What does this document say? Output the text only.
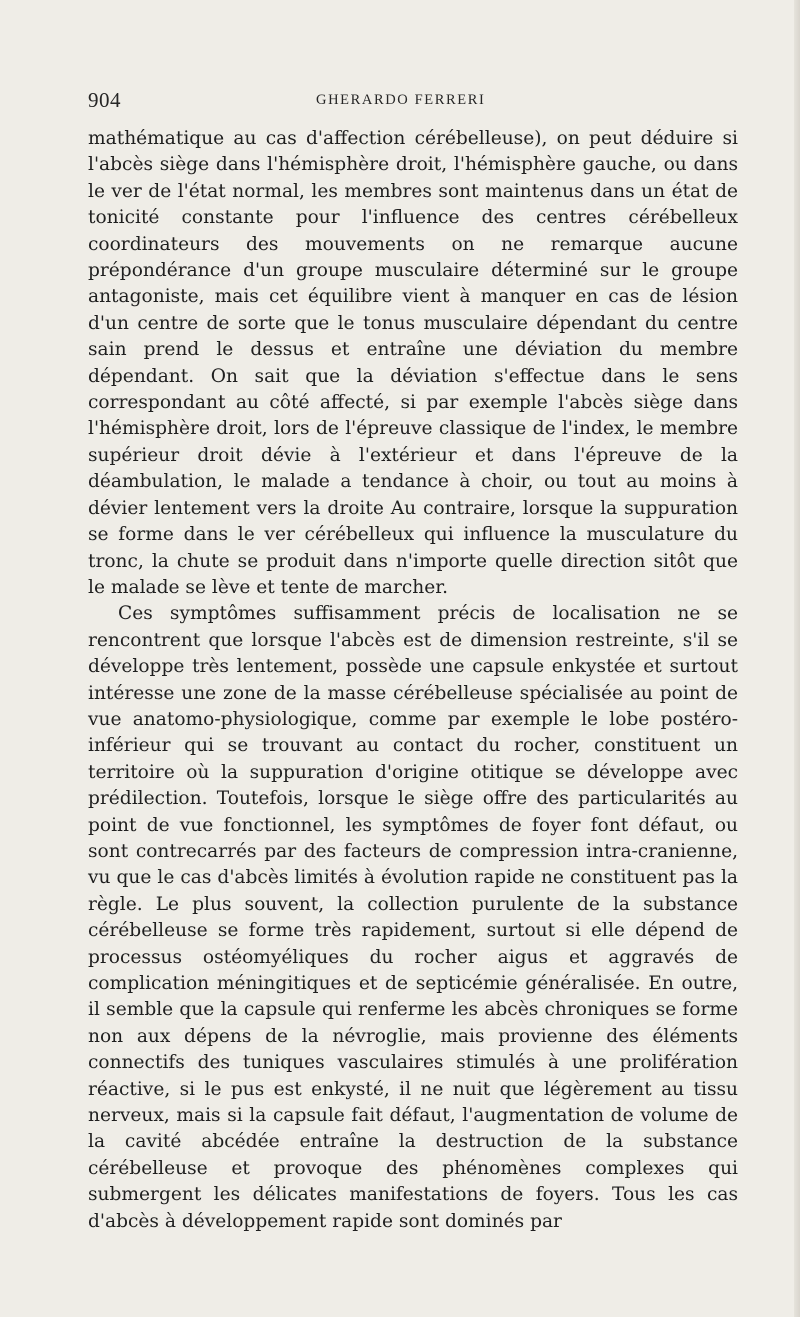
904	GHERARDO FERRERI

mathématique au cas d'affection cérébelleuse), on peut déduire si l'abcès siège dans l'hémisphère droit, l'hémisphère gauche, ou dans le ver de l'état normal, les membres sont maintenus dans un état de tonicité constante pour l'influence des centres cérébelleux coordinateurs des mouvements on ne remarque aucune prépondérance d'un groupe musculaire déterminé sur le groupe antagoniste, mais cet équilibre vient à manquer en cas de lésion d'un centre de sorte que le tonus musculaire dépendant du centre sain prend le dessus et entraîne une déviation du membre dépendant. On sait que la déviation s'effectue dans le sens correspondant au côté affecté, si par exemple l'abcès siège dans l'hémisphère droit, lors de l'épreuve classique de l'index, le membre supérieur droit dévie à l'extérieur et dans l'épreuve de la déambulation, le malade a tendance à choir, ou tout au moins à dévier lentement vers la droite Au contraire, lorsque la suppuration se forme dans le ver cérébelleux qui influence la musculature du tronc, la chute se produit dans n'importe quelle direction sitôt que le malade se lève et tente de marcher.

Ces symptômes suffisamment précis de localisation ne se rencontrent que lorsque l'abcès est de dimension restreinte, s'il se développe très lentement, possède une capsule enkystée et surtout intéresse une zone de la masse cérébelleuse spécialisée au point de vue anatomo-physiologique, comme par exemple le lobe postéro-inférieur qui se trouvant au contact du rocher, constituent un territoire où la suppuration d'origine otitique se développe avec prédilection. Toutefois, lorsque le siège offre des particularités au point de vue fonctionnel, les symptômes de foyer font défaut, ou sont contrecarrés par des facteurs de compression intra-cranienne, vu que le cas d'abcès limités à évolution rapide ne constituent pas la règle. Le plus souvent, la collection purulente de la substance cérébelleuse se forme très rapidement, surtout si elle dépend de processus ostéomyéliques du rocher aigus et aggravés de complication méningitiques et de septicémie généralisée. En outre, il semble que la capsule qui renferme les abcès chroniques se forme non aux dépens de la névroglie, mais provienne des éléments connectifs des tuniques vasculaires stimulés à une prolifération réactive, si le pus est enkysté, il ne nuit que légèrement au tissu nerveux, mais si la capsule fait défaut, l'augmentation de volume de la cavité abcédée entraîne la destruction de la substance cérébelleuse et provoque des phénomènes complexes qui submergent les délicates manifestations de foyers. Tous les cas d'abcès à développement rapide sont dominés par
